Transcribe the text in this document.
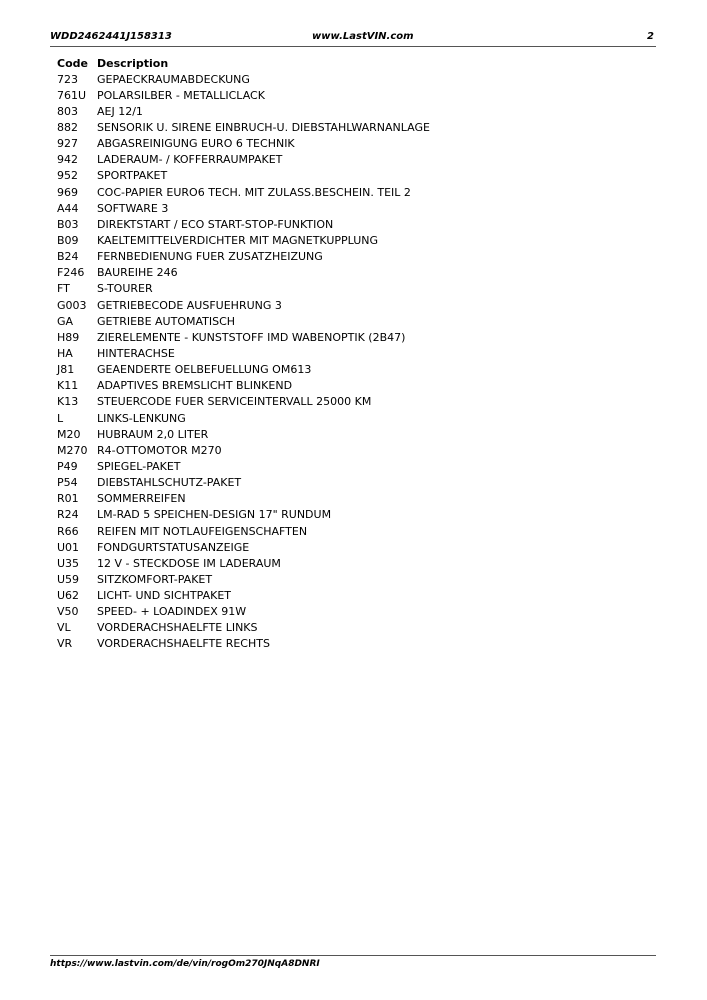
WDD2462441J158313	www.LastVIN.com	2
Code Description
723	GEPAECKRAUMABDECKUNG
761U POLARSILBER - METALLICLACK
803	AEJ 12/1
882	SENSORIK U. SIRENE EINBRUCH-U. DIEBSTAHLWARNANLAGE
927	ABGASREINIGUNG EURO 6 TECHNIK
942	LADERAUM- / KOFFERRAUMPAKET
952	SPORTPAKET
969	COC-PAPIER EURO6 TECH. MIT ZULASS.BESCHEIN. TEIL 2
A44	SOFTWARE 3
B03	DIREKTSTART / ECO START-STOP-FUNKTION
B09	KAELTEMITTELVERDICHTER MIT MAGNETKUPPLUNG
B24	FERNBEDIENUNG FUER ZUSATZHEIZUNG
F246	BAUREIHE 246
FT	S-TOURER
G003 GETRIEBECODE AUSFUEHRUNG 3
GA	GETRIEBE AUTOMATISCH
H89	ZIERELEMENTE - KUNSTSTOFF IMD WABENOPTIK (2B47)
HA	HINTERACHSE
J81	GEAENDERTE OELBEFUELLUNG OM613
K11	ADAPTIVES BREMSLICHT BLINKEND
K13	STEUERCODE FUER SERVICEINTERVALL 25000 KM
L	LINKS-LENKUNG
M20	HUBRAUM 2,0 LITER
M270 R4-OTTOMOTOR M270
P49	SPIEGEL-PAKET
P54	DIEBSTAHLSCHUTZ-PAKET
R01	SOMMERREIFEN
R24	LM-RAD 5 SPEICHEN-DESIGN 17" RUNDUM
R66	REIFEN MIT NOTLAUFEIGENSCHAFTEN
U01	FONDGURTSTATUSANZEIGE
U35	12 V - STECKDOSE IM LADERAUM
U59	SITZKOMFORT-PAKET
U62	LICHT- UND SICHTPAKET
V50	SPEED- + LOADINDEX 91W
VL	VORDERACHSHAELFTE LINKS
VR	VORDERACHSHAELFTE RECHTS
https://www.lastvin.com/de/vin/rogOm270JNqA8DNRI
